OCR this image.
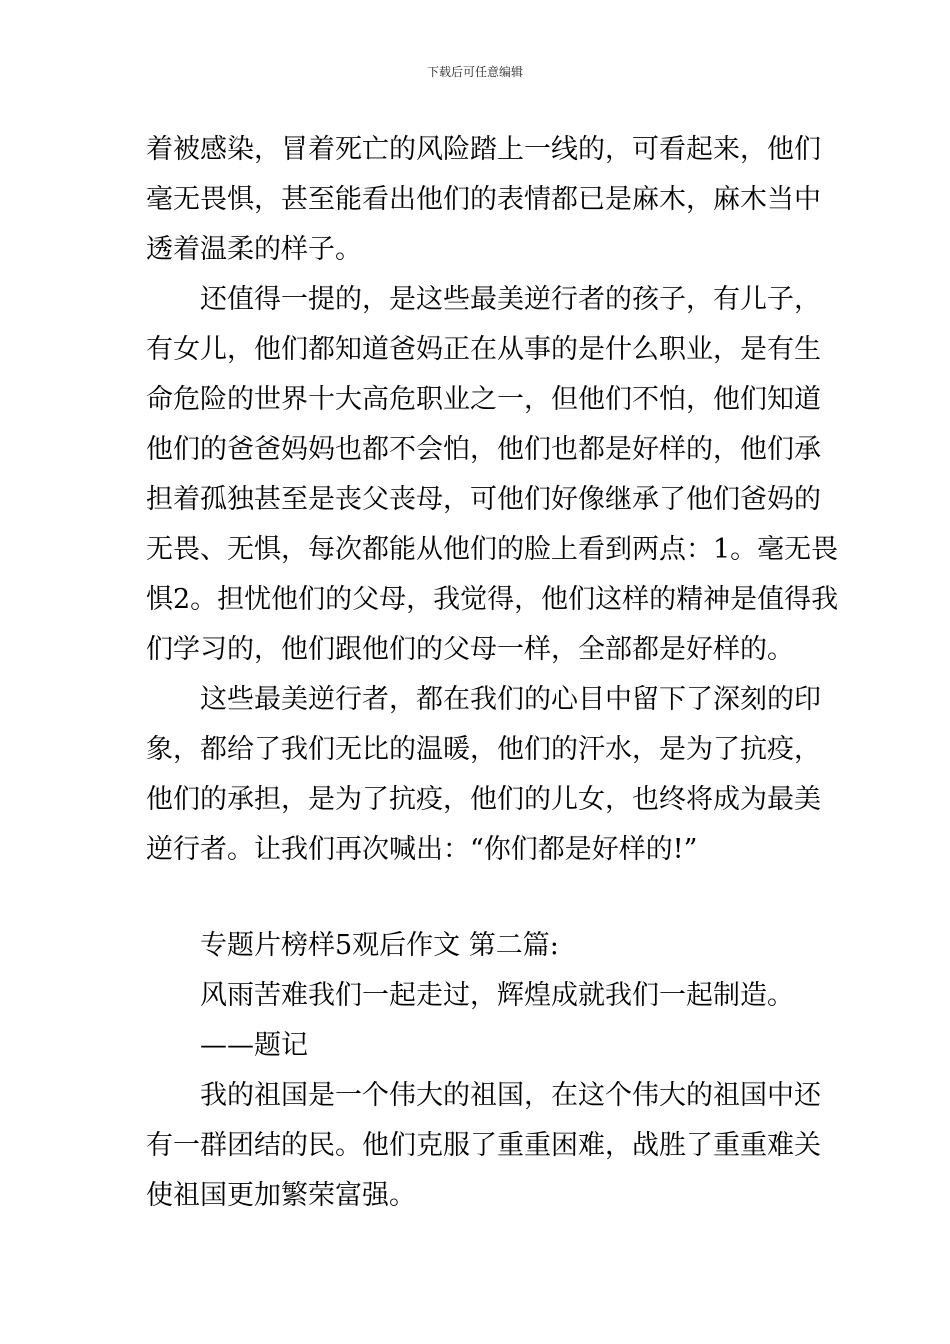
下载后可任意编辑
着被感染，冒着死亡的风险踏上一线的，可看起来，他们
毫无畏惧，甚至能看出他们的表情都已是麻木，麻木当中
透着温柔的样子。
还值得一提的，是这些最美逆行者的孩子，有儿子，
有女儿，他们都知道爸妈正在从事的是什么职业，是有生
命危险的世界十大高危职业之一，但他们不怕，他们知道
他们的爸爸妈妈也都不会怕，他们也都是好样的，他们承
担着孤独甚至是丧父丧母，可他们好像继承了他们爸妈的
无畏、无惧，每次都能从他们的脸上看到两点：1。毫无畏
惧2。担忧他们的父母，我觉得，他们这样的精神是值得我
们学习的，他们跟他们的父母一样，全部都是好样的。
这些最美逆行者，都在我们的心目中留下了深刻的印
象，都给了我们无比的温暖，他们的汗水，是为了抗疫，
他们的承担，是为了抗疫，他们的儿女，也终将成为最美
逆行者。让我们再次喊出：“你们都是好样的!”
专题片榜样5观后作文 第二篇:
风雨苦难我们一起走过，辉煌成就我们一起制造。
——题记
我的祖国是一个伟大的祖国，在这个伟大的祖国中还
有一群团结的民。他们克服了重重困难，战胜了重重难关
使祖国更加繁荣富强。
